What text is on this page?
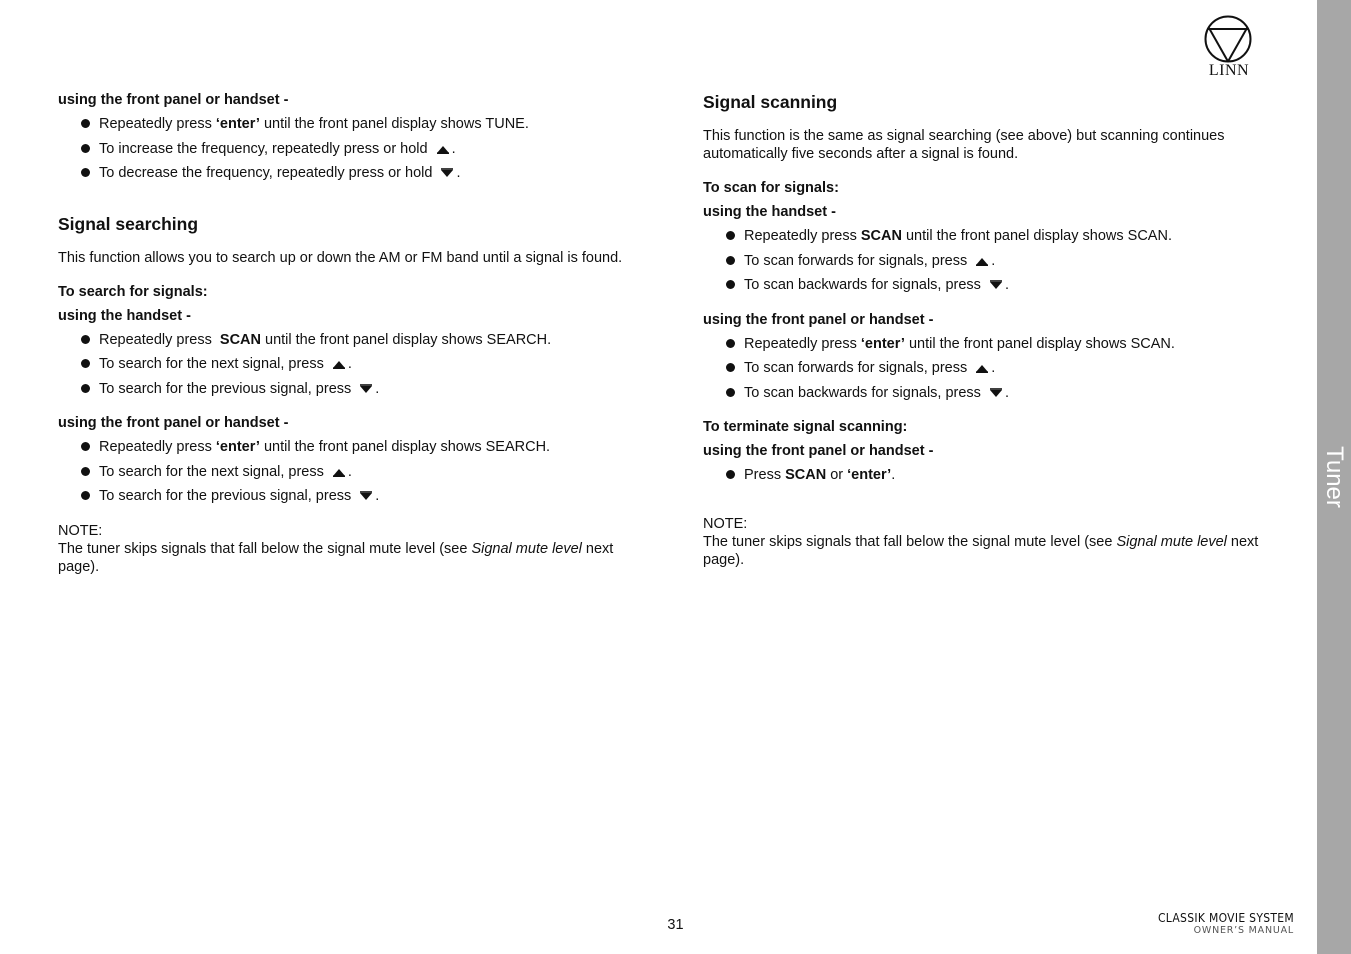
using the front panel or handset -
Repeatedly press ‘enter’ until the front panel display shows TUNE.
To increase the frequency, repeatedly press or hold
.
To decrease the frequency, repeatedly press or hold
.
Signal searching

This function allows you to search up or down the AM or FM band until a signal is found.

To search for signals:
using the handset -
Repeatedly press  SCAN until the front panel display shows SEARCH.
To search for the next signal, press
.
To search for the previous signal, press
.
using the front panel or handset -
Repeatedly press ‘enter’ until the front panel display shows SEARCH.
To search for the next signal, press
.
To search for the previous signal, press
.

NOTE:

The tuner skips signals that fall below the signal mute level (see Signal mute level next page).

Signal scanning

This function is the same as signal searching (see above) but scanning continues automatically five seconds after a signal is found.

To scan for signals:
using the handset -
Repeatedly press SCAN until the front panel display shows SCAN.
To scan forwards for signals, press
.
To scan backwards for signals, press
.
using the front panel or handset -
Repeatedly press ‘enter’ until the front panel display shows SCAN.
To scan forwards for signals, press
.
To scan backwards for signals, press
.
To terminate signal scanning:
using the front panel or handset -
Press SCAN or ‘enter’.

NOTE:

The tuner skips signals that fall below the signal mute level (see Signal mute level next page).

LINN
Tuner
31	CLASSIK MOVIE SYSTEM
OWNER’S MANUAL
